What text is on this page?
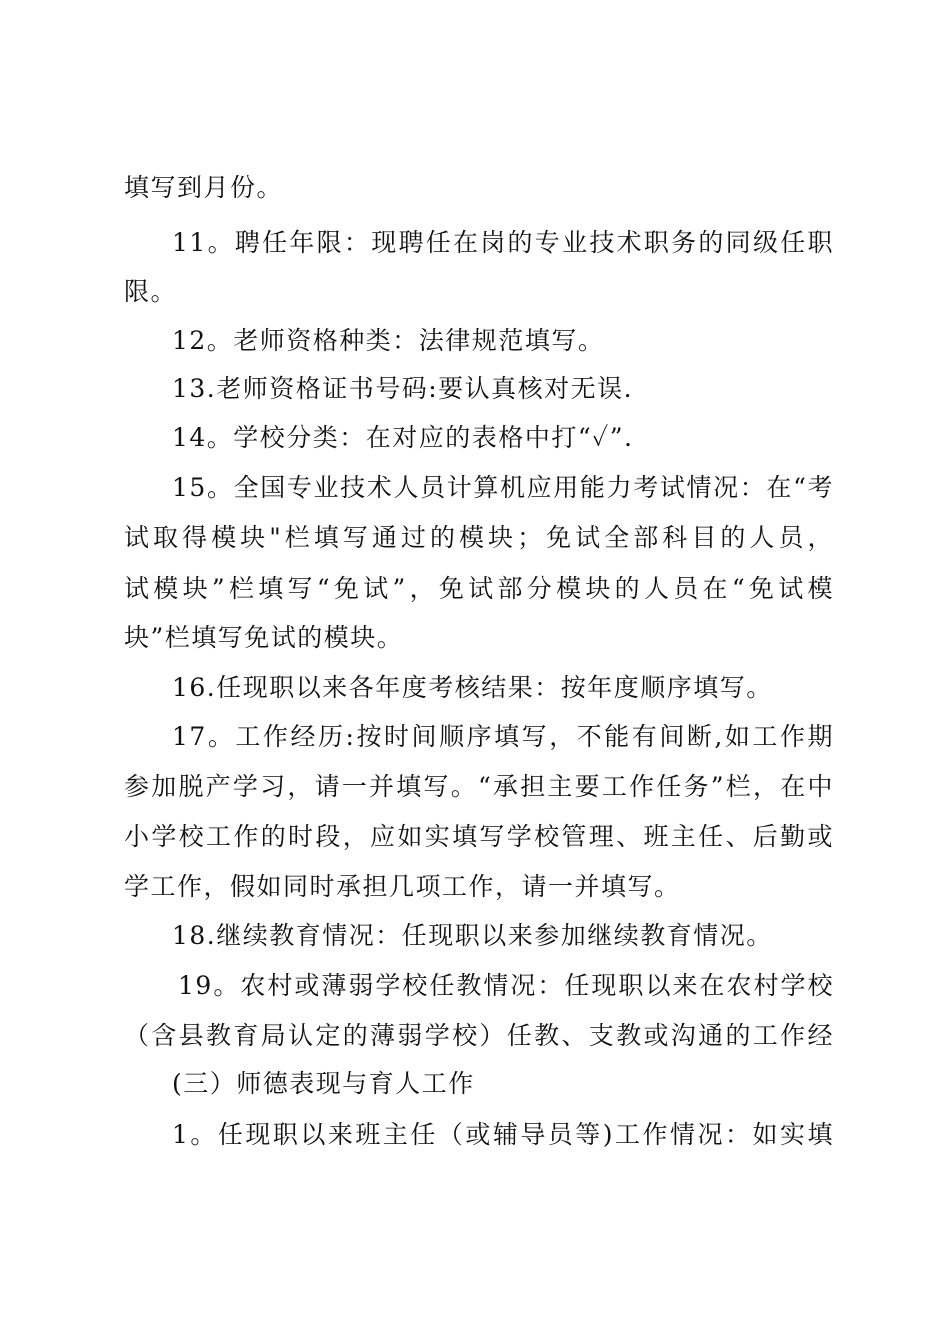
填写到月份。
11。聘任年限：现聘任在岗的专业技术职务的同级任职
限。
12。老师资格种类：法律规范填写。
13.老师资格证书号码:要认真核对无误.
14。学校分类：在对应的表格中打“✓”.
15。全国专业技术人员计算机应用能力考试情况：在“考
试取得模块"栏填写通过的模块；免试全部科目的人员，
试模块”栏填写“免试”，免试部分模块的人员在“免试模
块”栏填写免试的模块。
16.任现职以来各年度考核结果：按年度顺序填写。
17。工作经历:按时间顺序填写，不能有间断,如工作期
参加脱产学习，请一并填写。“承担主要工作任务”栏，在中
小学校工作的时段，应如实填写学校管理、班主任、后勤或
学工作，假如同时承担几项工作，请一并填写。
18.继续教育情况：任现职以来参加继续教育情况。
19。农村或薄弱学校任教情况：任现职以来在农村学校
（含县教育局认定的薄弱学校）任教、支教或沟通的工作经
(三）师德表现与育人工作
1。任现职以来班主任（或辅导员等)工作情况：如实填
